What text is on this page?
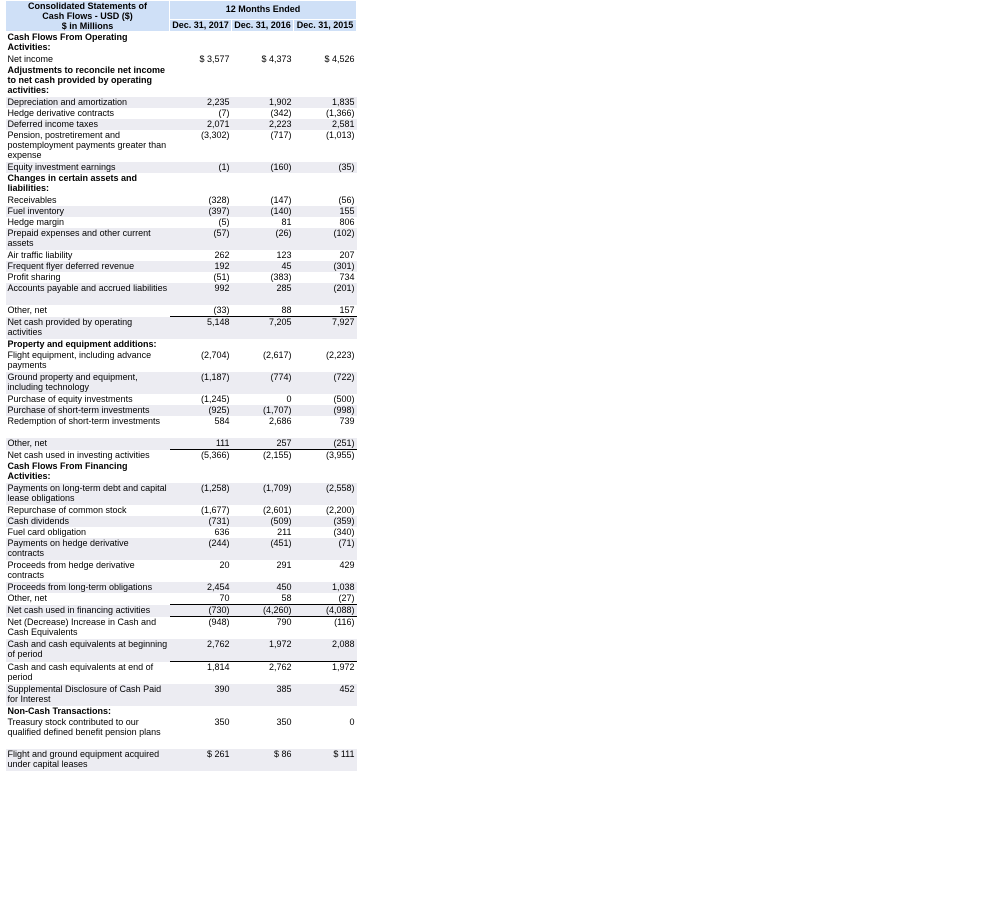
Consolidated Statements of
Cash Flows - USD ($)
$ in Millions	12 Months Ended		
	Dec. 31, 2017	Dec. 31, 2016	Dec. 31, 2015
Cash Flows From Operating Activities:			
Net income	$ 3,577	$ 4,373	$ 4,526
Adjustments to reconcile net income to net cash provided by operating activities:			
Depreciation and amortization	2,235	1,902	1,835
Hedge derivative contracts	(7)	(342)	(1,366)
Deferred income taxes	2,071	2,223	2,581
Pension, postretirement and postemployment payments greater than expense	(3,302)	(717)	(1,013)
Equity investment earnings	(1)	(160)	(35)
Changes in certain assets and liabilities:			
Receivables	(328)	(147)	(56)
Fuel inventory	(397)	(140)	155
Hedge margin	(5)	81	806
Prepaid expenses and other current assets	(57)	(26)	(102)
Air traffic liability	262	123	207
Frequent flyer deferred revenue	192	45	(301)
Profit sharing	(51)	(383)	734
Accounts payable and accrued liabilities	992	285	(201)
Other, net	(33)	88	157
Net cash provided by operating activities	5,148	7,205	7,927
Property and equipment additions:			
Flight equipment, including advance payments	(2,704)	(2,617)	(2,223)
Ground property and equipment, including technology	(1,187)	(774)	(722)
Purchase of equity investments	(1,245)	0	(500)
Purchase of short-term investments	(925)	(1,707)	(998)
Redemption of short-term investments	584	2,686	739
Other, net	111	257	(251)
Net cash used in investing activities	(5,366)	(2,155)	(3,955)
Cash Flows From Financing Activities:			
Payments on long-term debt and capital lease obligations	(1,258)	(1,709)	(2,558)
Repurchase of common stock	(1,677)	(2,601)	(2,200)
Cash dividends	(731)	(509)	(359)
Fuel card obligation	636	211	(340)
Payments on hedge derivative contracts	(244)	(451)	(71)
Proceeds from hedge derivative contracts	20	291	429
Proceeds from long-term obligations	2,454	450	1,038
Other, net	70	58	(27)
Net cash used in financing activities	(730)	(4,260)	(4,088)
Net (Decrease) Increase in Cash and Cash Equivalents	(948)	790	(116)
Cash and cash equivalents at beginning of period	2,762	1,972	2,088
Cash and cash equivalents at end of period	1,814	2,762	1,972
Supplemental Disclosure of Cash Paid for Interest	390	385	452
Non-Cash Transactions:			
Treasury stock contributed to our qualified defined benefit pension plans	350	350	0
Flight and ground equipment acquired under capital leases	$ 261	$ 86	$ 111
